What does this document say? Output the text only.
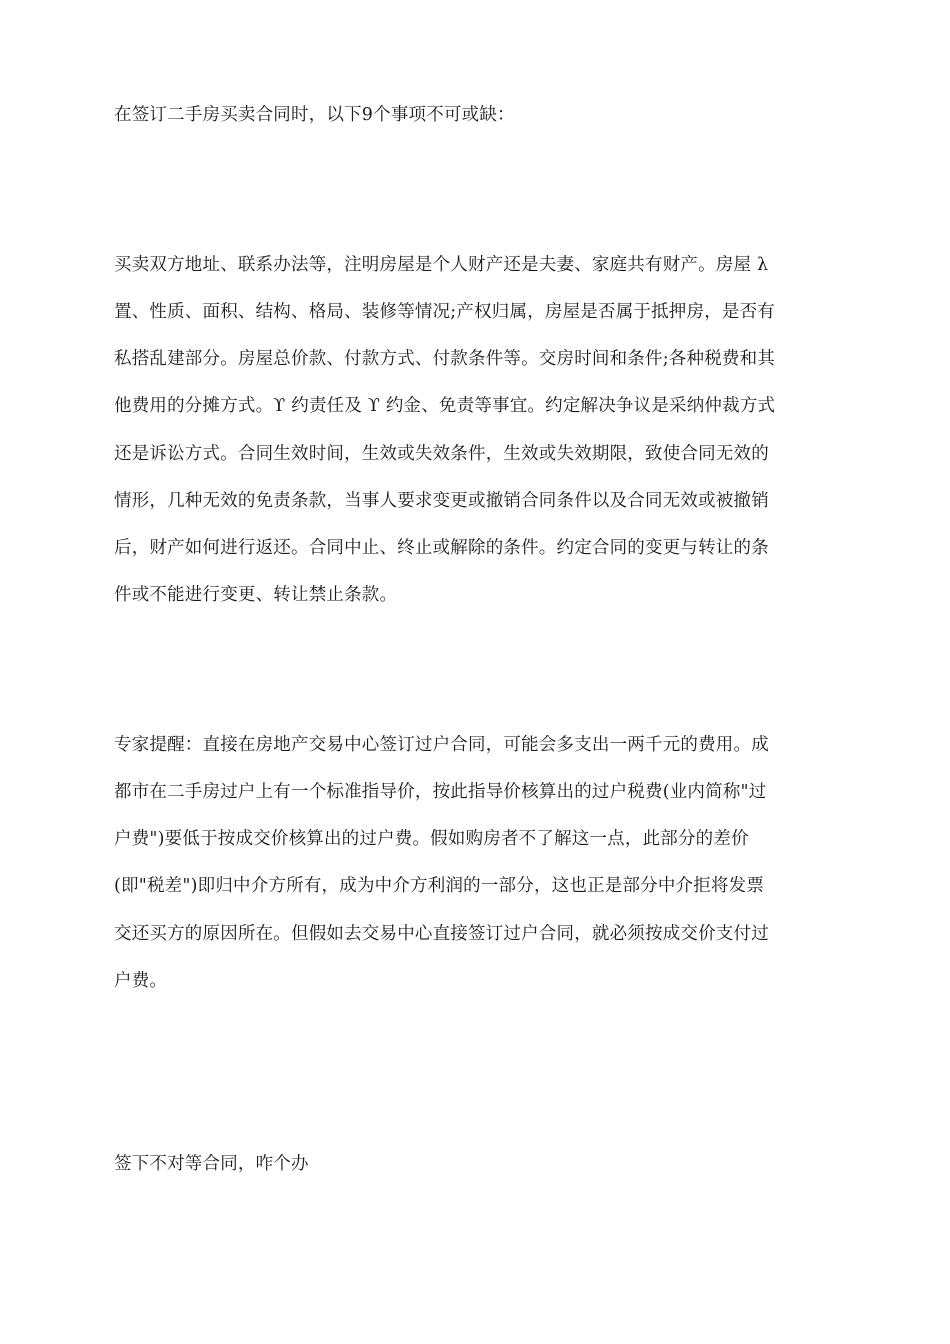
在签订二手房买卖合同时，以下9个事项不可或缺：
买卖双方地址、联系办法等，注明房屋是个人财产还是夫妻、家庭共有财产。房屋 λ
置、性质、面积、结构、格局、装修等情况;产权归属，房屋是否属于抵押房，是否有
私搭乱建部分。房屋总价款、付款方式、付款条件等。交房时间和条件;各种税费和其
他费用的分摊方式。ϒ 约责任及 ϒ 约金、免责等事宜。约定解决争议是采纳仲裁方式
还是诉讼方式。合同生效时间，生效或失效条件，生效或失效期限，致使合同无效的
情形，几种无效的免责条款，当事人要求变更或撤销合同条件以及合同无效或被撤销
后，财产如何进行返还。合同中止、终止或解除的条件。约定合同的变更与转让的条
件或不能进行变更、转让禁止条款。
专家提醒：直接在房地产交易中心签订过户合同，可能会多支出一两千元的费用。成
都市在二手房过户上有一个标准指导价，按此指导价核算出的过户税费(业内简称"过
户费")要低于按成交价核算出的过户费。假如购房者不了解这一点，此部分的差价
(即"税差")即归中介方所有，成为中介方利润的一部分，这也正是部分中介拒将发票
交还买方的原因所在。但假如去交易中心直接签订过户合同，就必须按成交价支付过
户费。
签下不对等合同，咋个办
